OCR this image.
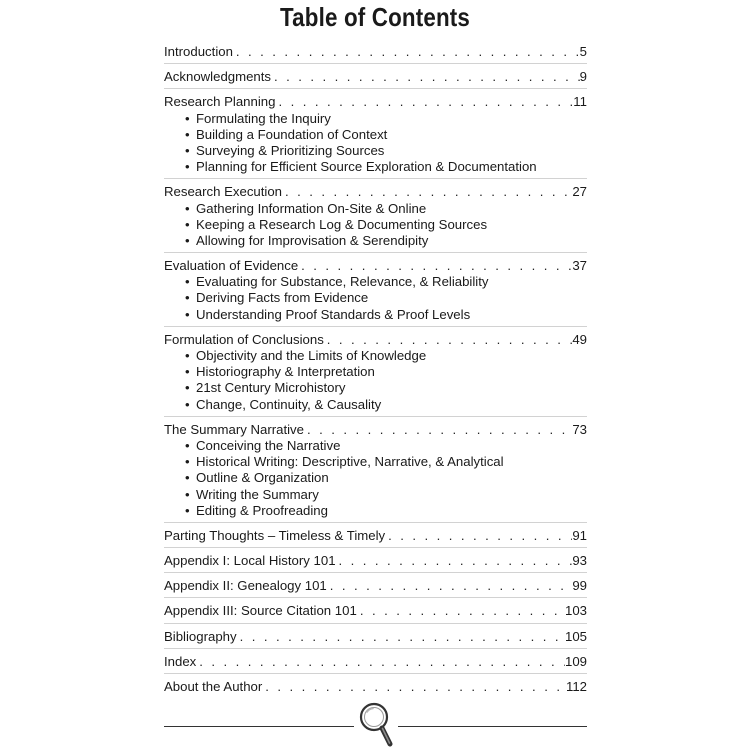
Table of Contents
Introduction . . .	5
Acknowledgments . . .	9
Research Planning . . .	11
• Formulating the Inquiry
• Building a Foundation of Context
• Surveying & Prioritizing Sources
• Planning for Efficient Source Exploration & Documentation
Research Execution . . .	27
• Gathering Information On-Site & Online
• Keeping a Research Log & Documenting Sources
• Allowing for Improvisation & Serendipity
Evaluation of Evidence . . .	37
• Evaluating for Substance, Relevance, & Reliability
• Deriving Facts from Evidence
• Understanding Proof Standards & Proof Levels
Formulation of Conclusions . . .	49
• Objectivity and the Limits of Knowledge
• Historiography & Interpretation
• 21st Century Microhistory
• Change, Continuity, & Causality
The Summary Narrative . . .	73
• Conceiving the Narrative
• Historical Writing: Descriptive, Narrative, & Analytical
• Outline & Organization
• Writing the Summary
• Editing & Proofreading
Parting Thoughts – Timeless & Timely . . .	91
Appendix I: Local History 101 . . .	93
Appendix II: Genealogy 101 . . .	99
Appendix III: Source Citation 101 . . .	103
Bibliography . . .	105
Index . . .	109
About the Author . . .	112
